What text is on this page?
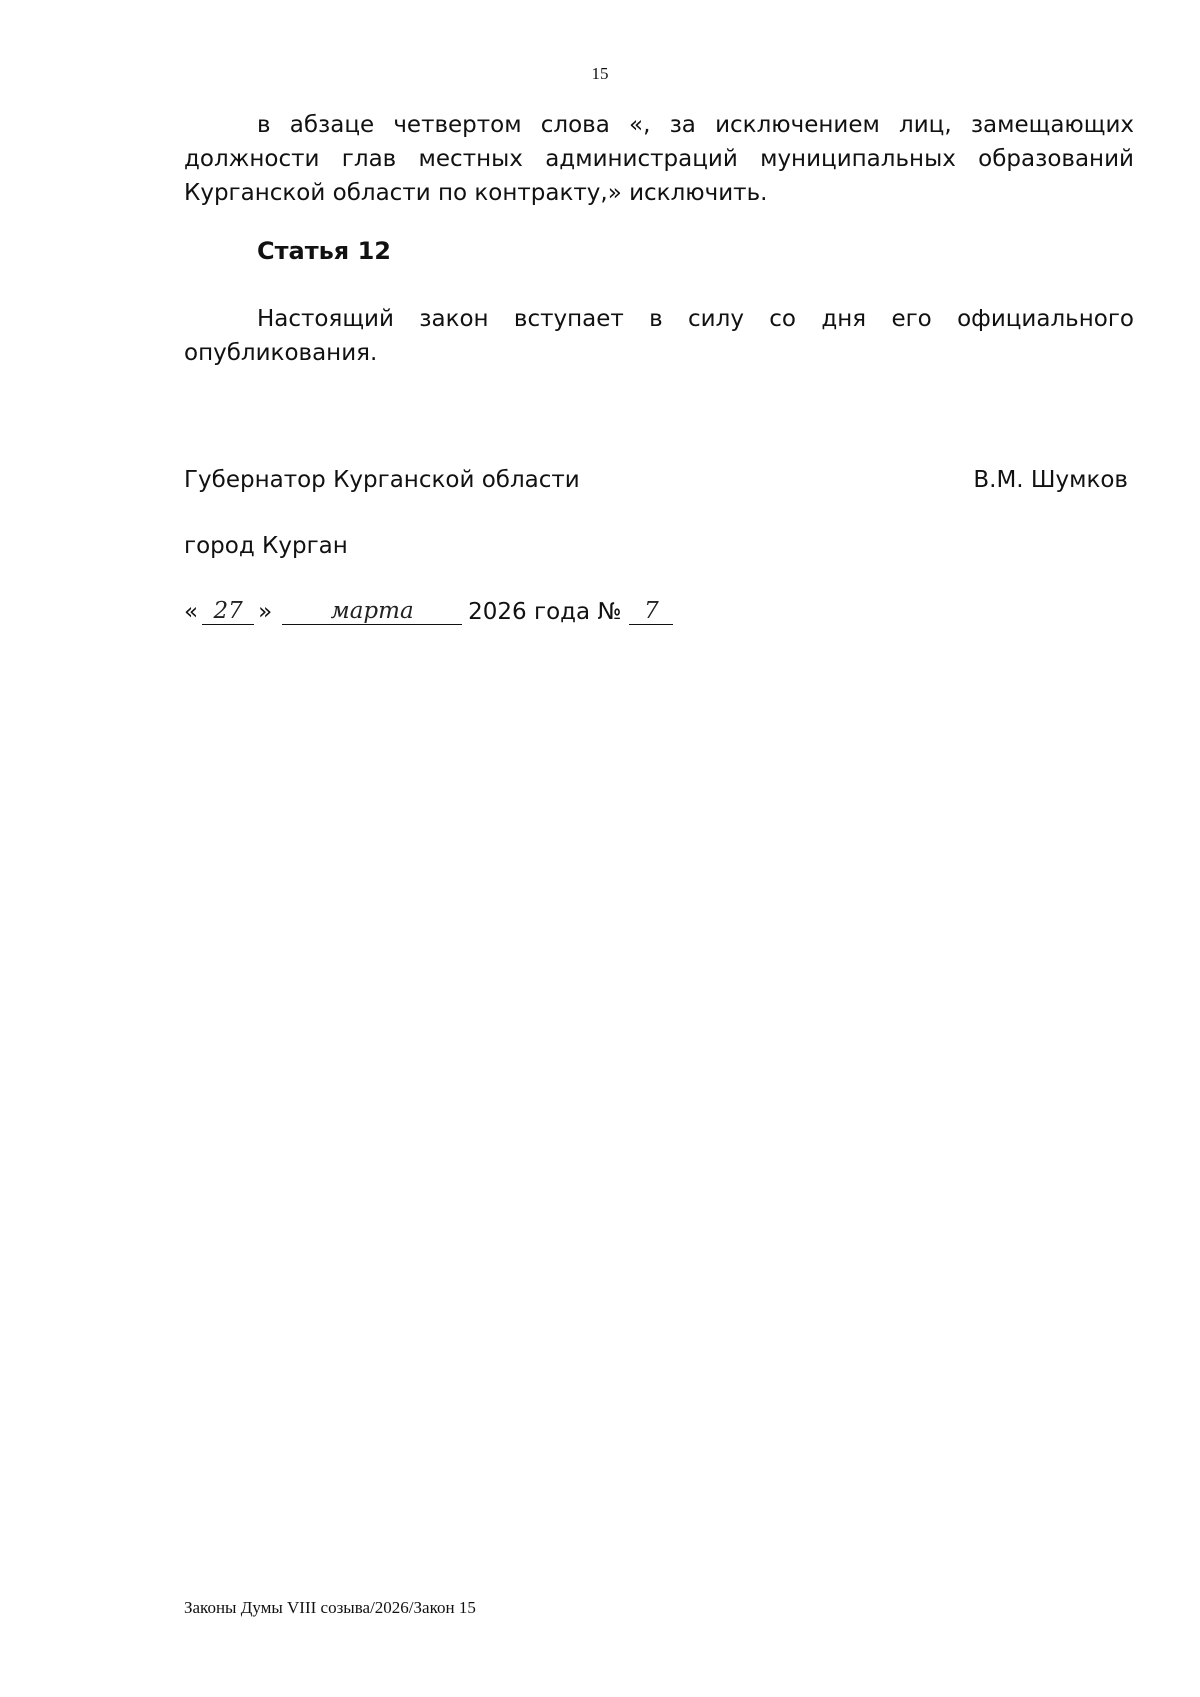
15

в абзаце четвертом слова «, за исключением лиц, замещающих должности глав местных администраций муниципальных образований Курганской области по контракту,» исключить.

Статья 12

Настоящий закон вступает в силу со дня его официального опубликования.

Губернатор Курганской области	В.М. Шумков
город Курган
« 27 »	марта	2026 года № 7
Законы Думы VIII созыва/2026/Закон 15
